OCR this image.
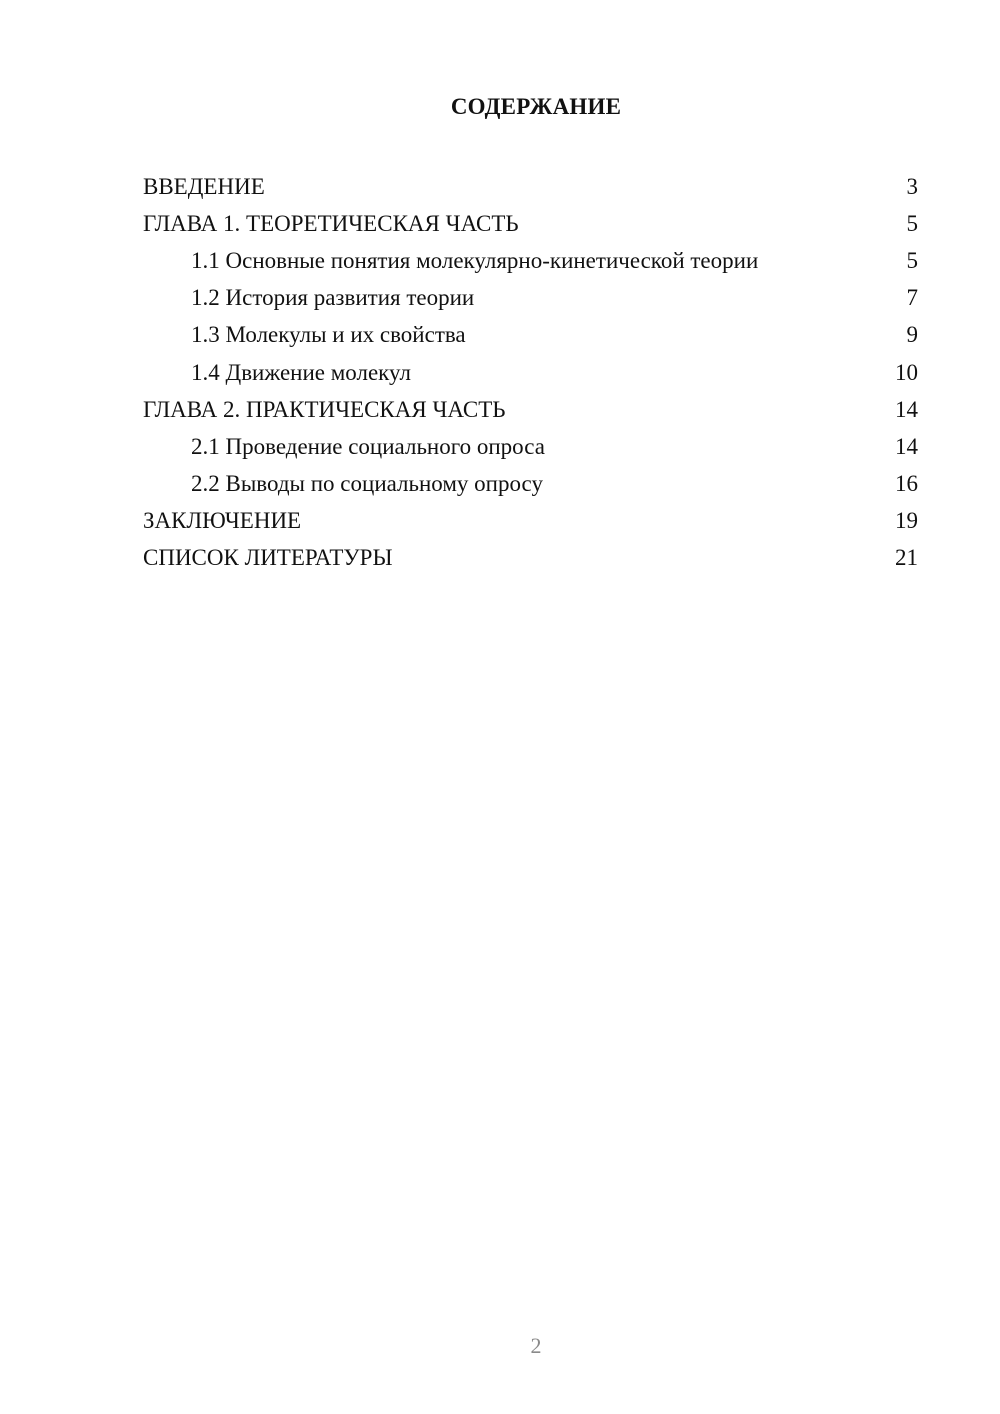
СОДЕРЖАНИЕ
ВВЕДЕНИЕ	3
ГЛАВА 1. ТЕОРЕТИЧЕСКАЯ ЧАСТЬ	5
1.1 Основные понятия молекулярно-кинетической теории	5
1.2 История развития теории	7
1.3 Молекулы и их свойства	9
1.4 Движение молекул	10
ГЛАВА 2. ПРАКТИЧЕСКАЯ ЧАСТЬ	14
2.1 Проведение социального опроса	14
2.2 Выводы по социальному опросу	16
ЗАКЛЮЧЕНИЕ	19
СПИСОК ЛИТЕРАТУРЫ	21
2
